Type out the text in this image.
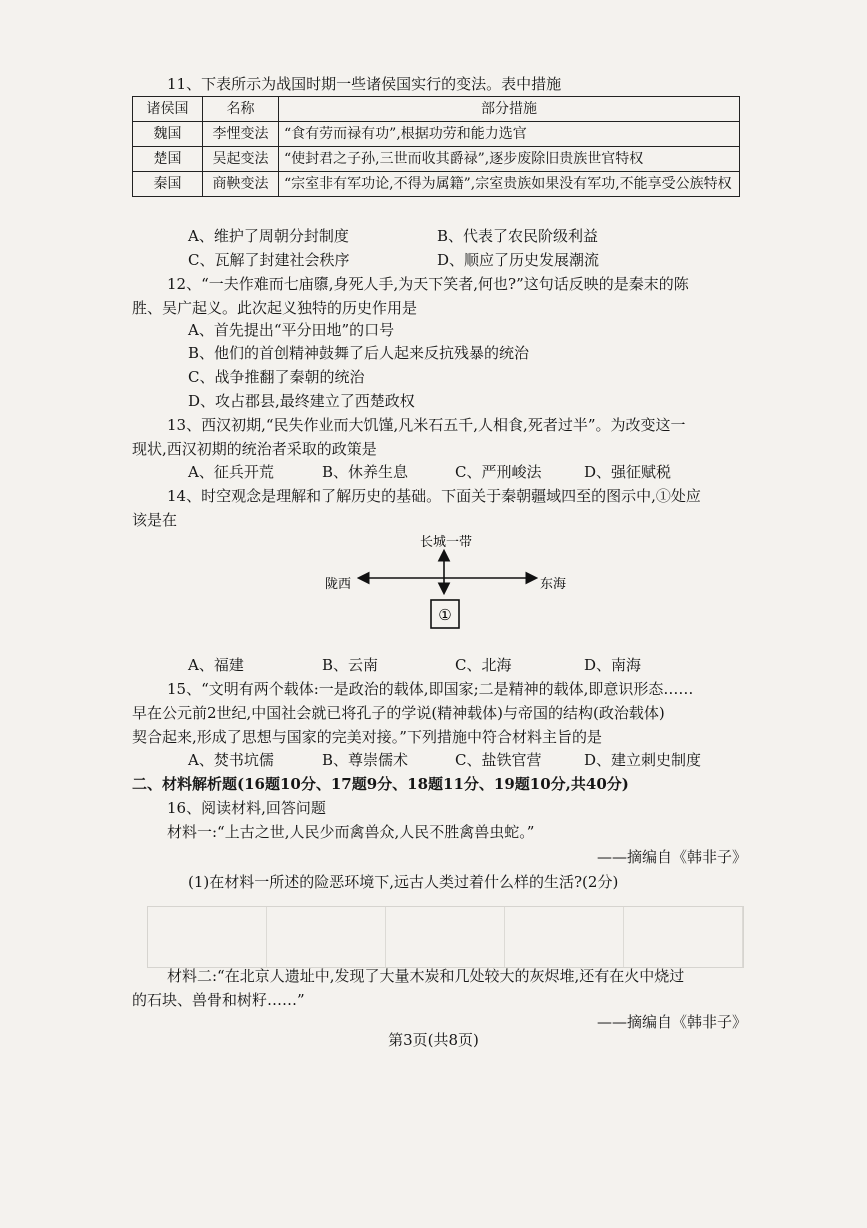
11、下表所示为战国时期一些诸侯国实行的变法。表中措施
诸侯国	名称	部分措施
魏国	李悝变法	“食有劳而禄有功”,根据功劳和能力选官
楚国	吴起变法	“使封君之子孙,三世而收其爵禄”,逐步废除旧贵族世官特权
秦国	商鞅变法	“宗室非有军功论,不得为属籍”,宗室贵族如果没有军功,不能享受公族特权
A、维护了周朝分封制度	B、代表了农民阶级利益
C、瓦解了封建社会秩序	D、顺应了历史发展潮流
12、“一夫作难而七庙隳,身死人手,为天下笑者,何也?”这句话反映的是秦末的陈
胜、吴广起义。此次起义独特的历史作用是
A、首先提出“平分田地”的口号
B、他们的首创精神鼓舞了后人起来反抗残暴的统治
C、战争推翻了秦朝的统治
D、攻占郡县,最终建立了西楚政权
13、西汉初期,“民失作业而大饥馑,凡米石五千,人相食,死者过半”。为改变这一
现状,西汉初期的统治者采取的政策是
A、征兵开荒	B、休养生息	C、严刑峻法	D、强征赋税
14、时空观念是理解和了解历史的基础。下面关于秦朝疆域四至的图示中,①处应
该是在
长城一带
陇西	东海
①
A、福建	B、云南	C、北海	D、南海
15、“文明有两个载体:一是政治的载体,即国家;二是精神的载体,即意识形态……
早在公元前2世纪,中国社会就已将孔子的学说(精神载体)与帝国的结构(政治载体)
契合起来,形成了思想与国家的完美对接。”下列措施中符合材料主旨的是
A、焚书坑儒	B、尊崇儒术	C、盐铁官营	D、建立刺史制度
二、材料解析题(16题10分、17题9分、18题11分、19题10分,共40分)
16、阅读材料,回答问题
材料一:“上古之世,人民少而禽兽众,人民不胜禽兽虫蛇。”
——摘编自《韩非子》
(1)在材料一所述的险恶环境下,远古人类过着什么样的生活?(2分)
材料二:“在北京人遗址中,发现了大量木炭和几处较大的灰烬堆,还有在火中烧过
的石块、兽骨和树籽……”
——摘编自《韩非子》
第3页(共8页)
